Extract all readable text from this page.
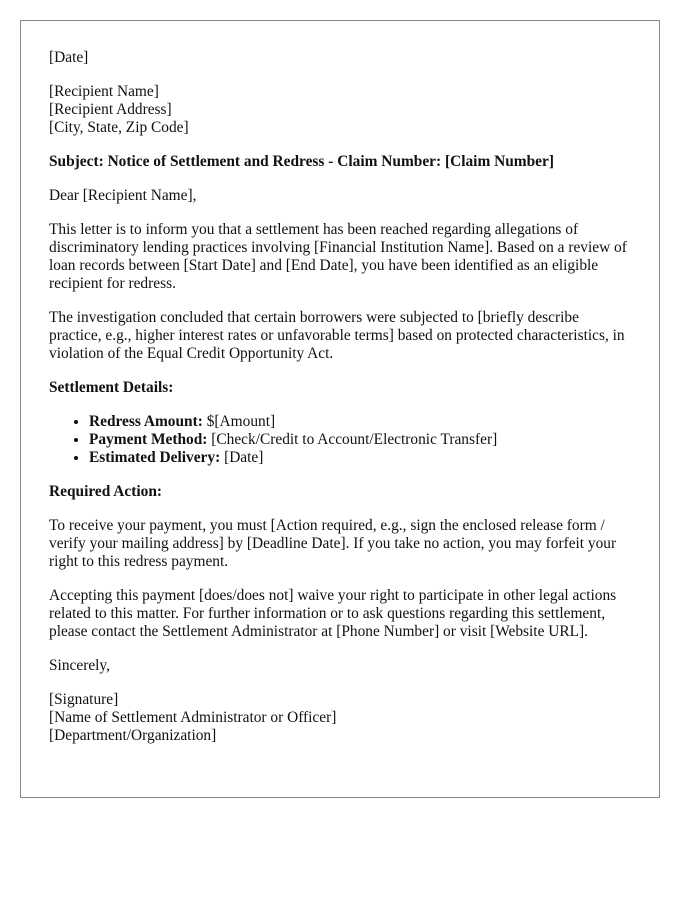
[Date]
[Recipient Name]
[Recipient Address]
[City, State, Zip Code]
Subject: Notice of Settlement and Redress - Claim Number: [Claim Number]
Dear [Recipient Name],

This letter is to inform you that a settlement has been reached regarding allegations of discriminatory lending practices involving [Financial Institution Name]. Based on a review of loan records between [Start Date] and [End Date], you have been identified as an eligible recipient for redress.

The investigation concluded that certain borrowers were subjected to [briefly describe practice, e.g., higher interest rates or unfavorable terms] based on protected characteristics, in violation of the Equal Credit Opportunity Act.

Settlement Details:
• Redress Amount: $[Amount]
• Payment Method: [Check/Credit to Account/Electronic Transfer]
• Estimated Delivery: [Date]
Required Action:

To receive your payment, you must [Action required, e.g., sign the enclosed release form / verify your mailing address] by [Deadline Date]. If you take no action, you may forfeit your right to this redress payment.

Accepting this payment [does/does not] waive your right to participate in other legal actions related to this matter. For further information or to ask questions regarding this settlement, please contact the Settlement Administrator at [Phone Number] or visit [Website URL].

Sincerely,
[Signature]
[Name of Settlement Administrator or Officer]
[Department/Organization]
